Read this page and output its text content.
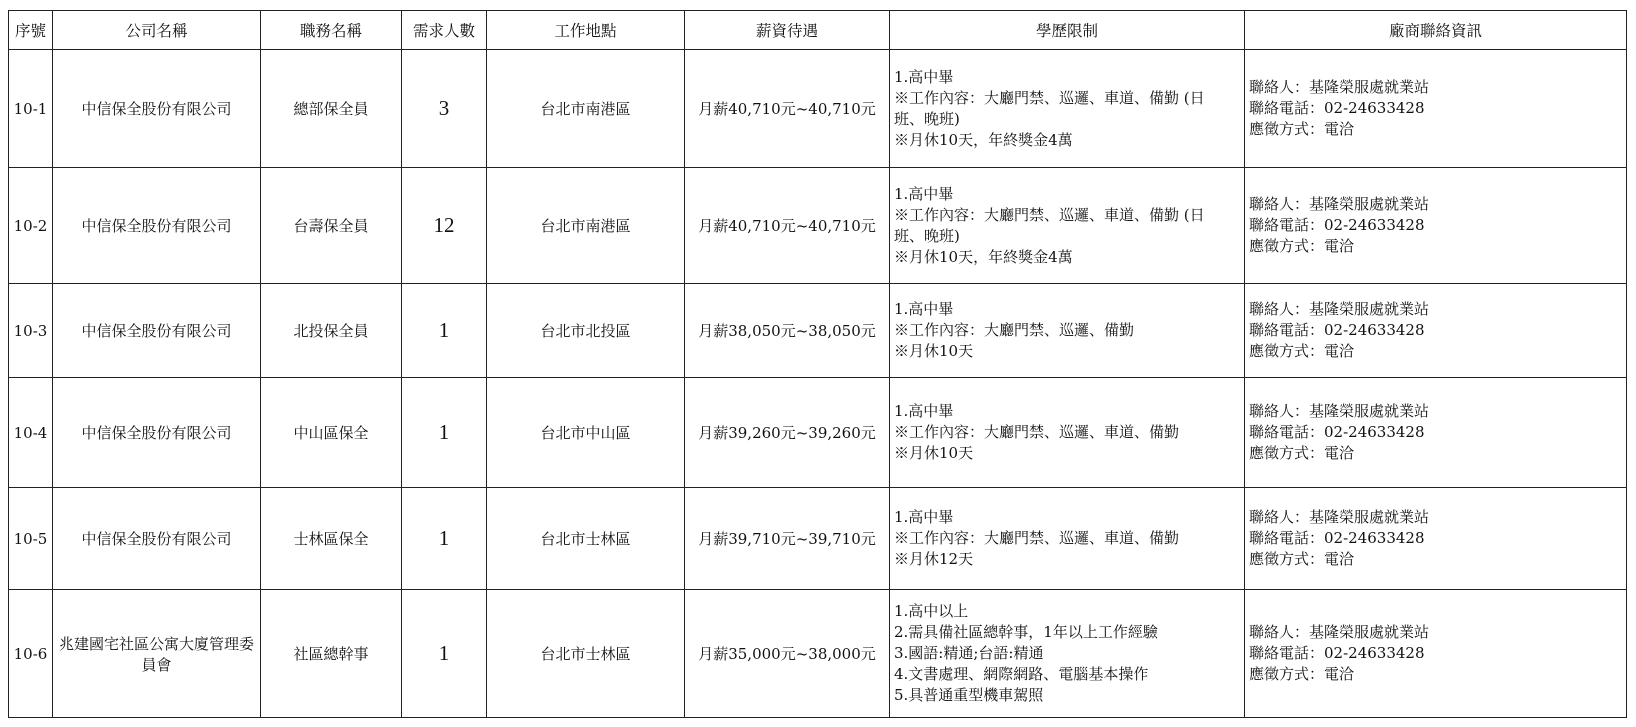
序號	公司名稱	職務名稱	需求人數	工作地點	薪資待遇	學歷限制	廠商聯絡資訊
10-1	中信保全股份有限公司	總部保全員	3	台北市南港區	月薪40,710元~40,710元	1.高中畢
※工作內容：大廳門禁、巡邏、車道、備勤 (日
班、晚班)
※月休10天，年終獎金4萬	聯絡人：基隆榮服處就業站
聯絡電話：02-24633428
應徵方式：電洽

10-2	中信保全股份有限公司	台壽保全員	12	台北市南港區	月薪40,710元~40,710元	1.高中畢
※工作內容：大廳門禁、巡邏、車道、備勤 (日
班、晚班)
※月休10天，年終獎金4萬	聯絡人：基隆榮服處就業站
聯絡電話：02-24633428
應徵方式：電洽

10-3	中信保全股份有限公司	北投保全員	1	台北市北投區	月薪38,050元~38,050元	1.高中畢
※工作內容：大廳門禁、巡邏、備勤
※月休10天	聯絡人：基隆榮服處就業站
聯絡電話：02-24633428
應徵方式：電洽

10-4	中信保全股份有限公司	中山區保全	1	台北市中山區	月薪39,260元~39,260元	1.高中畢
※工作內容：大廳門禁、巡邏、車道、備勤
※月休10天	聯絡人：基隆榮服處就業站
聯絡電話：02-24633428
應徵方式：電洽

10-5	中信保全股份有限公司	士林區保全	1	台北市士林區	月薪39,710元~39,710元	1.高中畢
※工作內容：大廳門禁、巡邏、車道、備勤
※月休12天	聯絡人：基隆榮服處就業站
聯絡電話：02-24633428
應徵方式：電洽

10-6	兆建國宅社區公寓大廈管理委員會	社區總幹事	1	台北市士林區	月薪35,000元~38,000元	1.高中以上
2.需具備社區總幹事，1年以上工作經驗
3.國語:精通;台語:精通
4.文書處理、網際網路、電腦基本操作
5.具普通重型機車駕照	聯絡人：基隆榮服處就業站
聯絡電話：02-24633428
應徵方式：電洽
